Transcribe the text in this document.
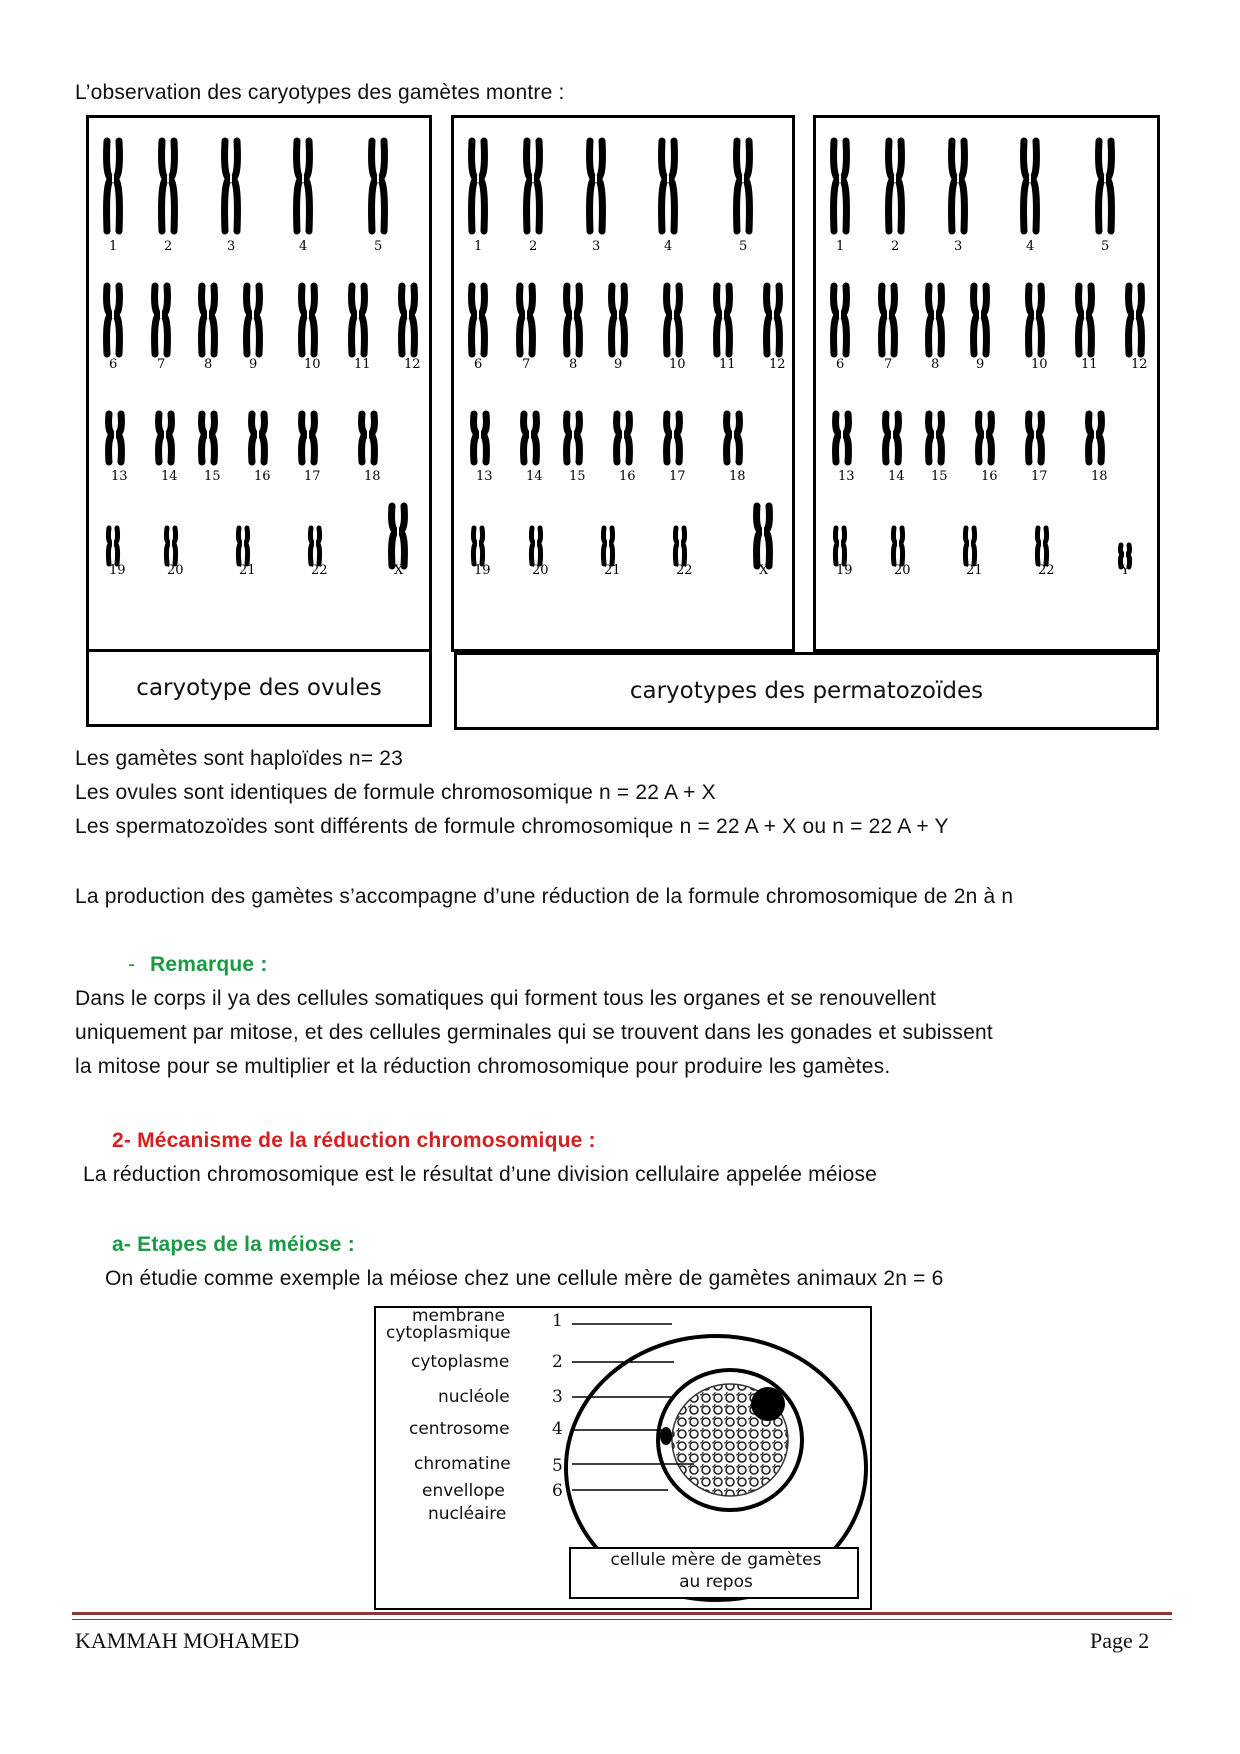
L’observation des caryotypes des gamètes montre :
1	2	3	4	5
6	7	8	9	10	11	12
13	14 15	16	17	18
19	20	21	22	X
1	2	3	4	5
6	7	8	9	10	11	12
13	14 15	16	17	18
19	20	21	22	X
1	2	3	4	5
6	7	8	9	10	11	12
13	14 15	16	17	18
19	20	21	22	Y
caryotype des ovules	caryotypes des permatozoïdes
Les gamètes sont haploïdes n= 23
Les ovules sont identiques de formule chromosomique n = 22 A + X
Les spermatozoïdes sont différents de formule chromosomique n = 22 A + X ou n = 22 A + Y
La production des gamètes s’accompagne d’une réduction de la formule chromosomique de 2n à n
- Remarque :
Dans le corps il ya des cellules somatiques qui forment tous les organes et se renouvellent
uniquement par mitose, et des cellules germinales qui se trouvent dans les gonades et subissent
la mitose pour se multiplier et la réduction chromosomique pour produire les gamètes.
2- Mécanisme de la réduction chromosomique :
La réduction chromosomique est le résultat d’une division cellulaire appelée méiose
a- Etapes de la méiose :
On étudie comme exemple la méiose chez une cellule mère de gamètes animaux 2n = 6
membrane	1
cytoplasmique
cytoplasme	2
nucléole 3
centrosome 4
chromatine 5
envellope	6
nucléaire
cellule mère de gamètes
au repos
KAMMAH MOHAMED	Page 2
